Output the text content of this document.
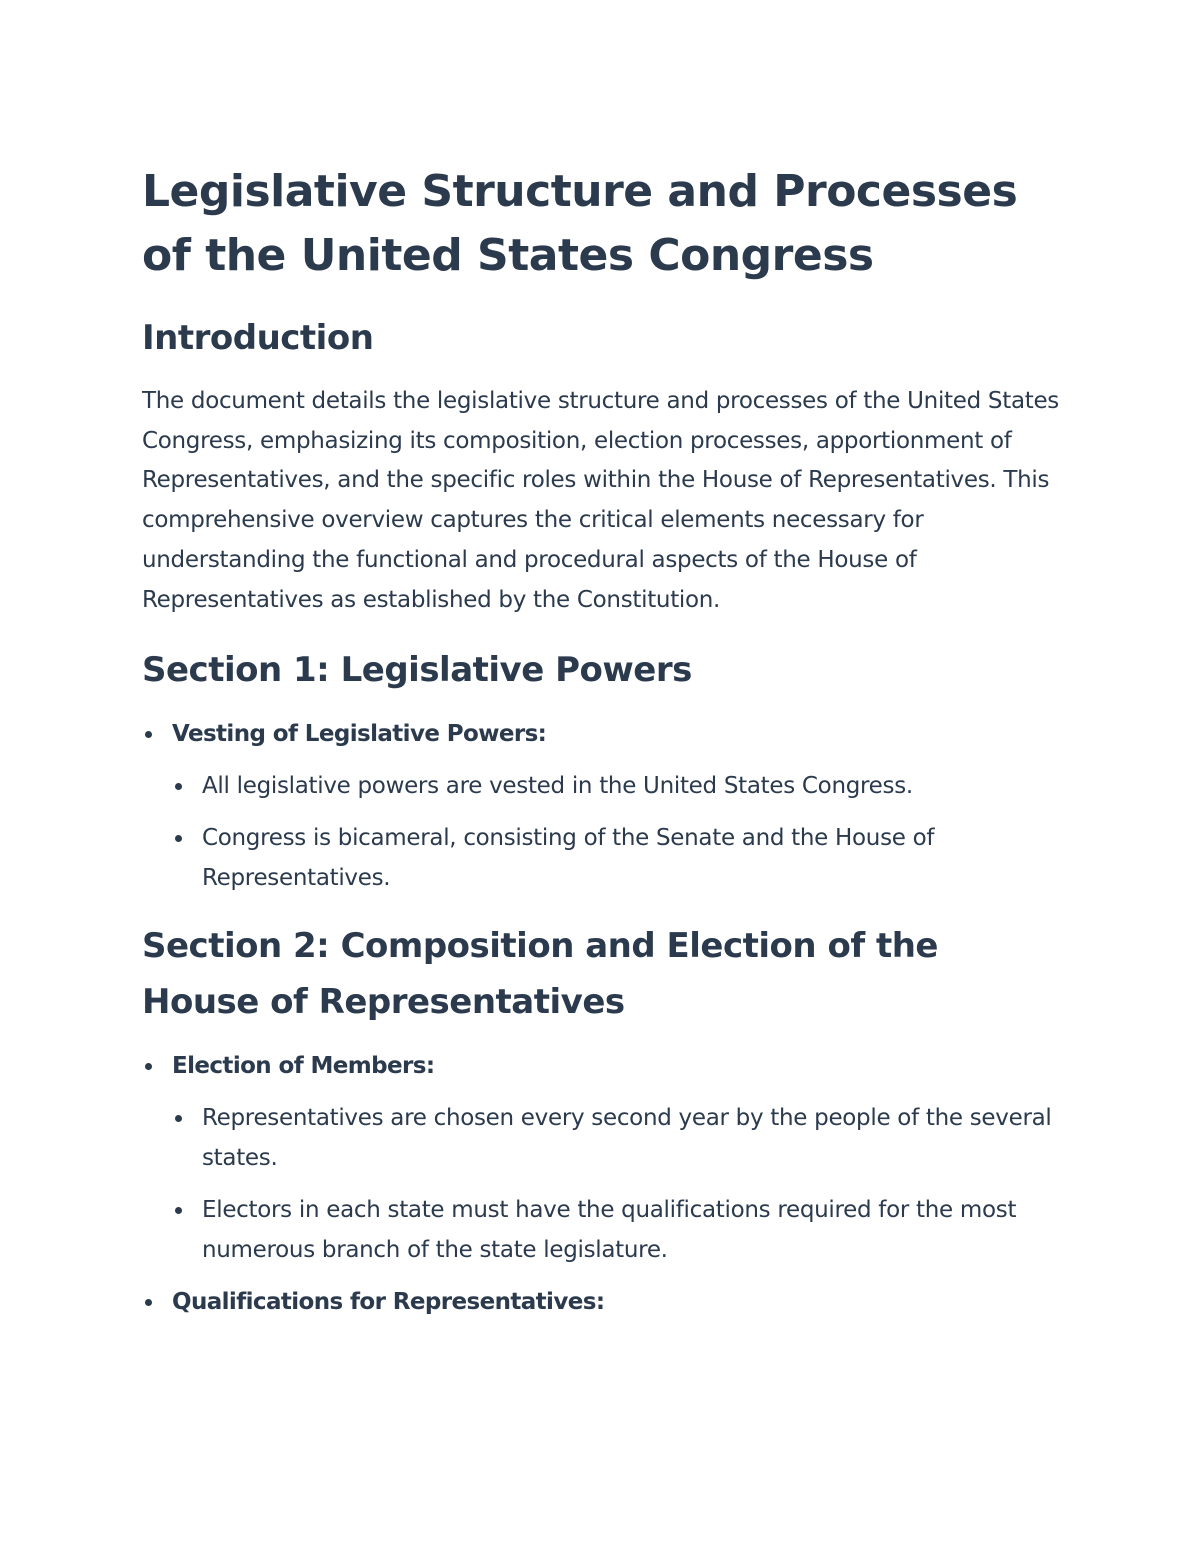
Legislative Structure and Processes of the United States Congress
Introduction

The document details the legislative structure and processes of the United States Congress, emphasizing its composition, election processes, apportionment of Representatives, and the specific roles within the House of Representatives. This comprehensive overview captures the critical elements necessary for understanding the functional and procedural aspects of the House of Representatives as established by the Constitution.

Section 1: Legislative Powers
Vesting of Legislative Powers:
All legislative powers are vested in the United States Congress.
Congress is bicameral, consisting of the Senate and the House of Representatives.
Section 2: Composition and Election of the House of Representatives
Election of Members:
Representatives are chosen every second year by the people of the several states.
Electors in each state must have the qualifications required for the most numerous branch of the state legislature.
Qualifications for Representatives:
